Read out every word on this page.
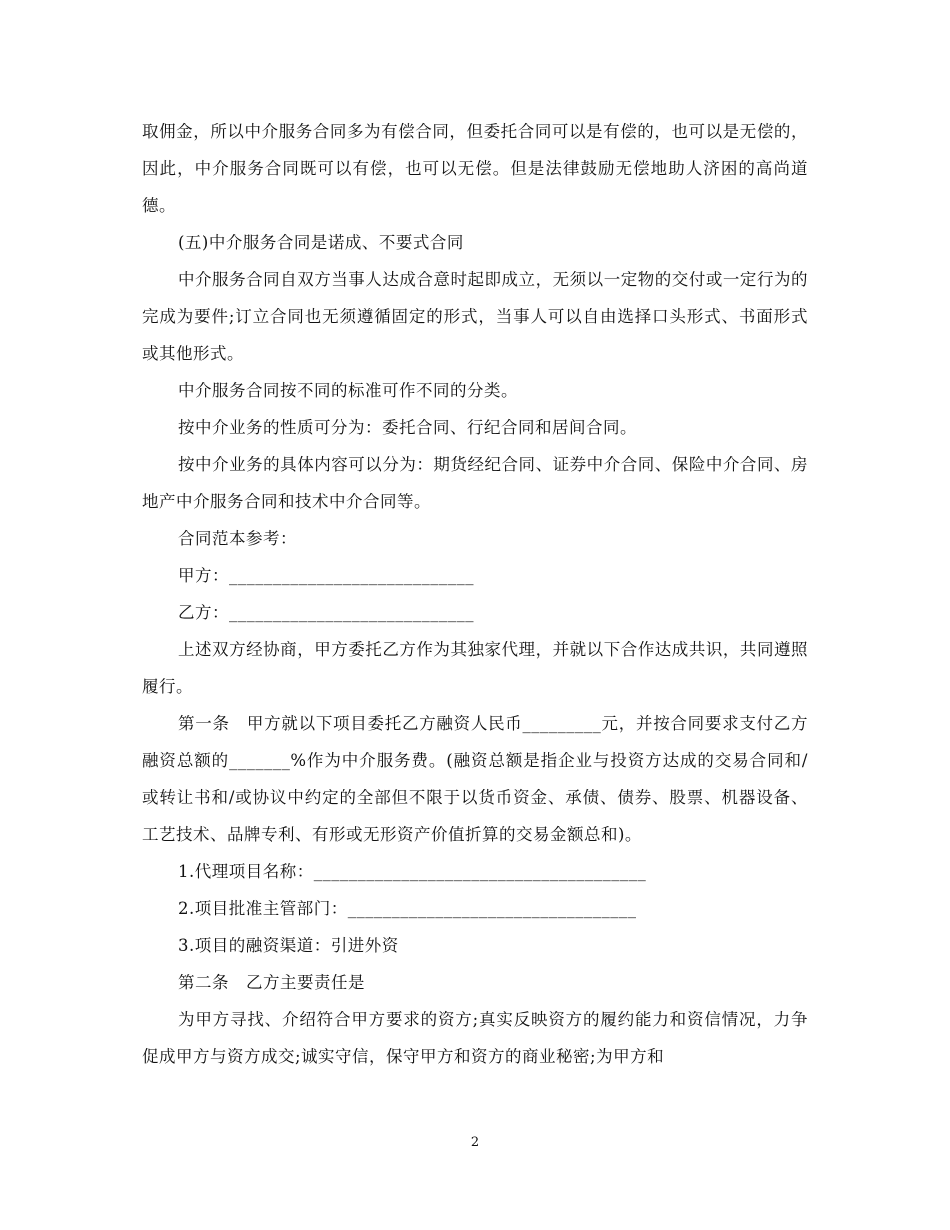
取佣金，所以中介服务合同多为有偿合同，但委托合同可以是有偿的，也可以是无偿的，因此，中介服务合同既可以有偿，也可以无偿。但是法律鼓励无偿地助人济困的高尚道德。

(五)中介服务合同是诺成、不要式合同

中介服务合同自双方当事人达成合意时起即成立，无须以一定物的交付或一定行为的完成为要件;订立合同也无须遵循固定的形式，当事人可以自由选择口头形式、书面形式或其他形式。

中介服务合同按不同的标准可作不同的分类。

按中介业务的性质可分为：委托合同、行纪合同和居间合同。

按中介业务的具体内容可以分为：期货经纪合同、证券中介合同、保险中介合同、房地产中介服务合同和技术中介合同等。

合同范本参考：

甲方：____________________________

乙方：____________________________

上述双方经协商，甲方委托乙方作为其独家代理，并就以下合作达成共识，共同遵照履行。

第一条　甲方就以下项目委托乙方融资人民币_________元，并按合同要求支付乙方融资总额的_______%作为中介服务费。(融资总额是指企业与投资方达成的交易合同和/或转让书和/或协议中约定的全部但不限于以货币资金、承债、债券、股票、机器设备、工艺技术、品牌专利、有形或无形资产价值折算的交易金额总和)。

1.代理项目名称：______________________________________

2.项目批准主管部门：_________________________________

3.项目的融资渠道：引进外资

第二条　乙方主要责任是

为甲方寻找、介绍符合甲方要求的资方;真实反映资方的履约能力和资信情况，力争促成甲方与资方成交;诚实守信，保守甲方和资方的商业秘密;为甲方和

2
